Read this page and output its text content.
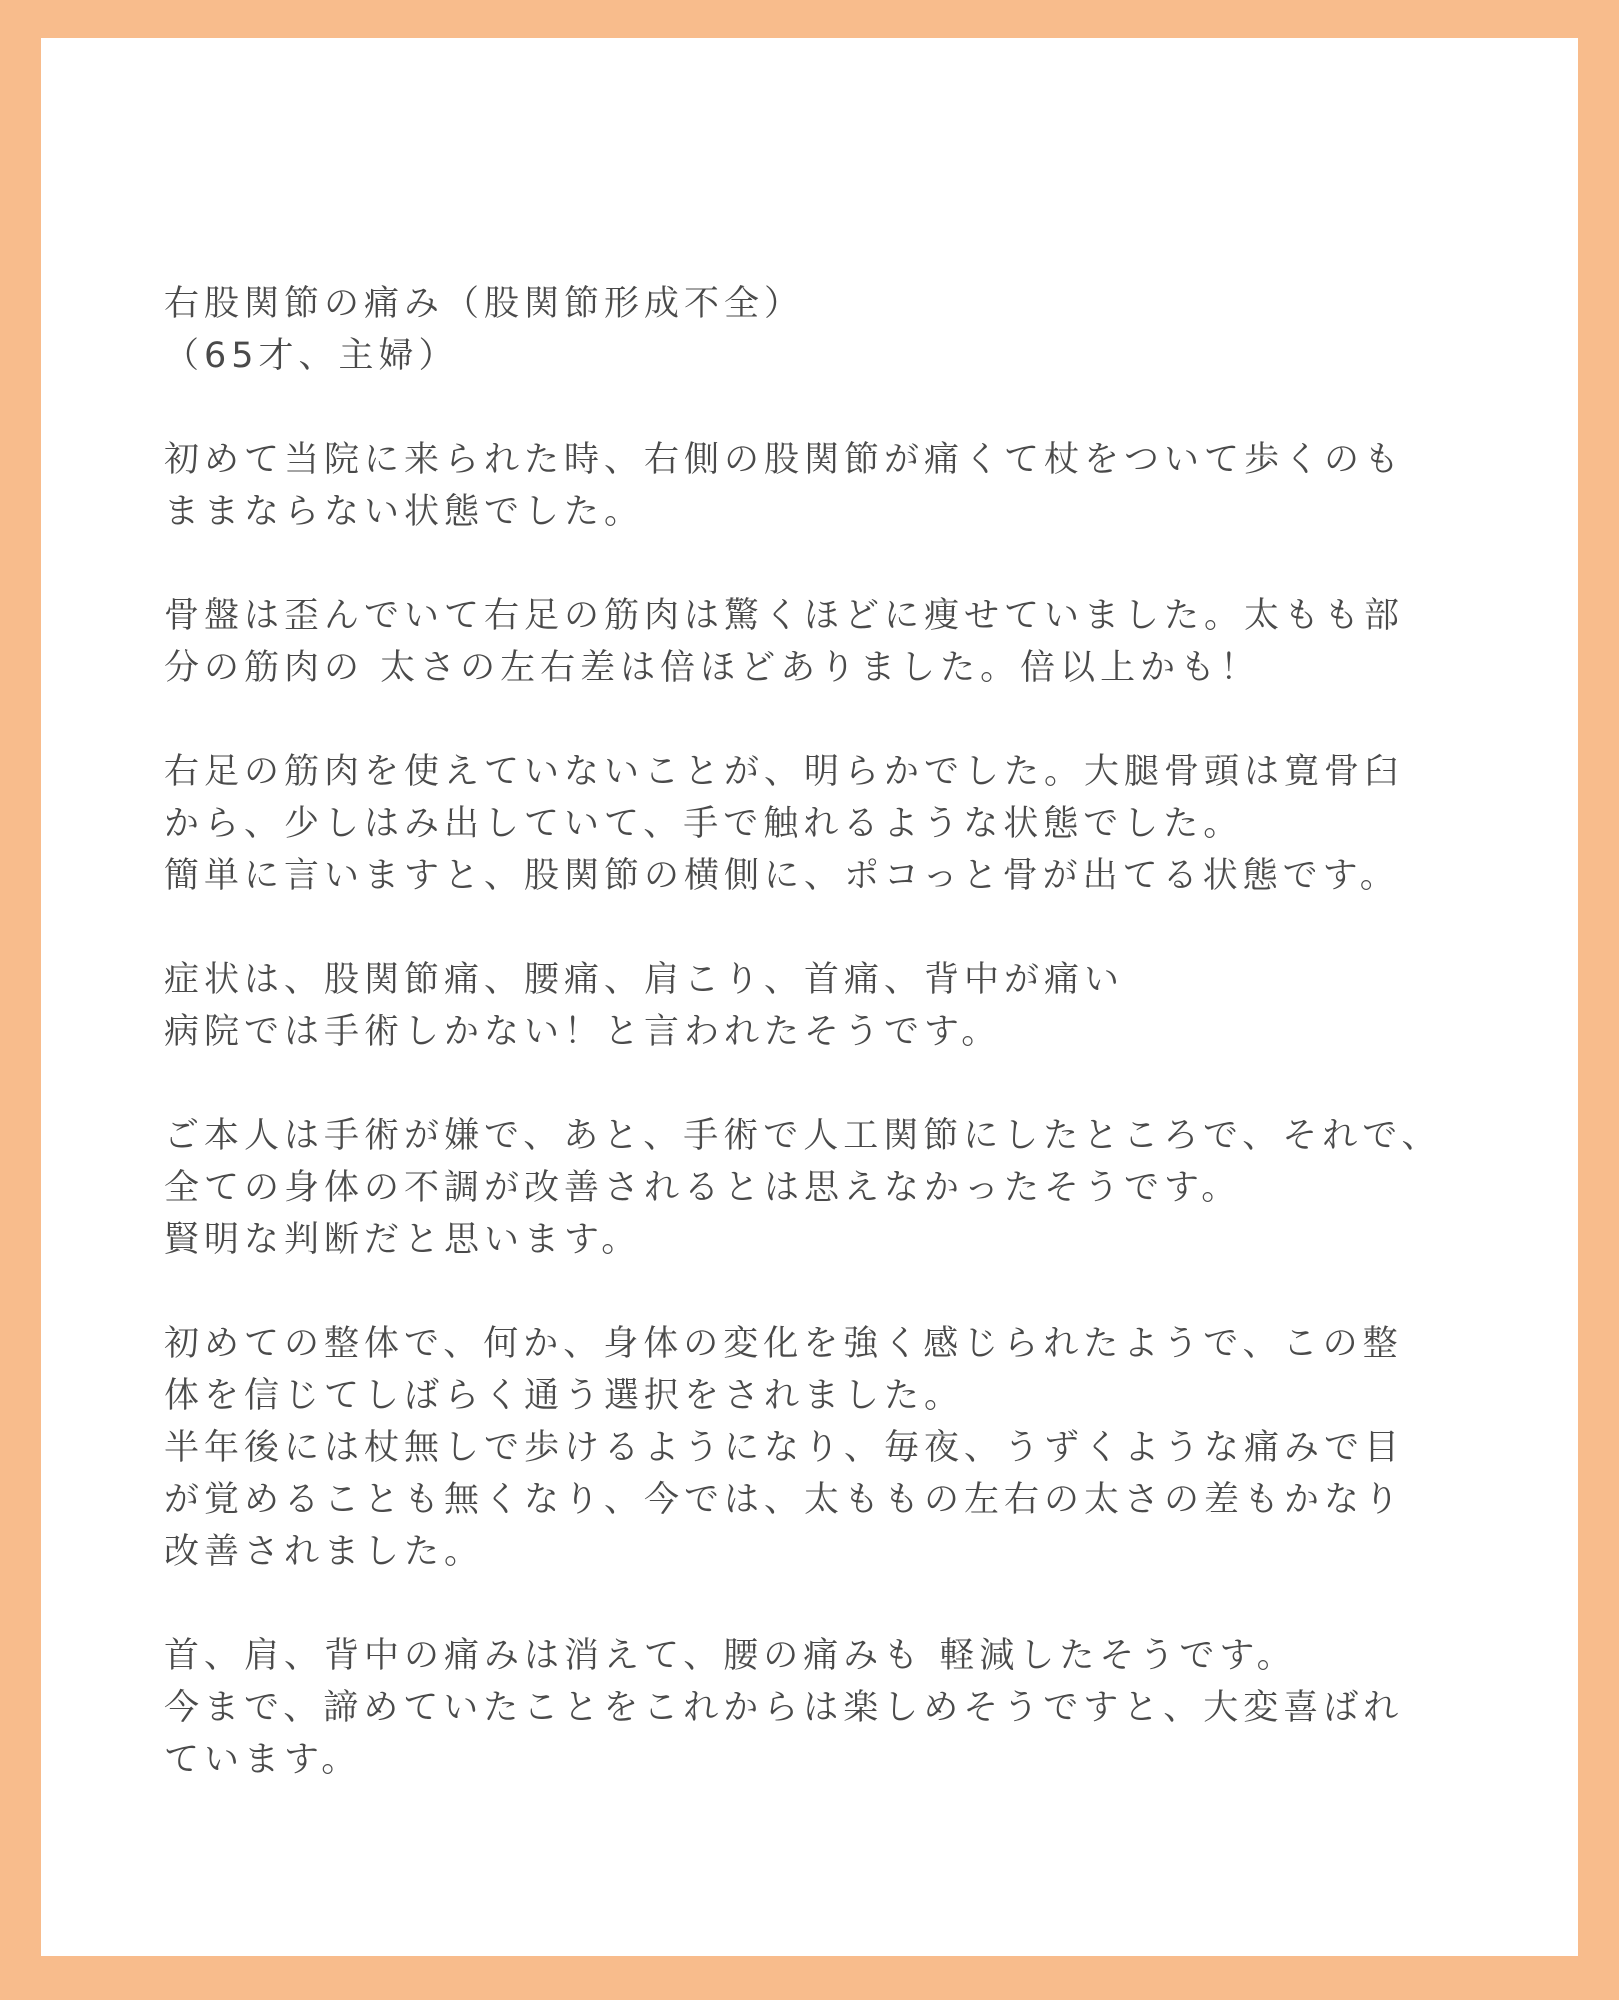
右股関節の痛み（股関節形成不全）
（65才、主婦）
初めて当院に来られた時、右側の股関節が痛くて杖をついて歩くのも
ままならない状態でした。
骨盤は歪んでいて右足の筋肉は驚くほどに痩せていました。太もも部
分の筋肉の 太さの左右差は倍ほどありました。倍以上かも！
右足の筋肉を使えていないことが、明らかでした。大腿骨頭は寛骨臼
から、少しはみ出していて、手で触れるような状態でした。
簡単に言いますと、股関節の横側に、ポコっと骨が出てる状態です。
症状は、股関節痛、腰痛、肩こり、首痛、背中が痛い
病院では手術しかない！と言われたそうです。
ご本人は手術が嫌で、あと、手術で人工関節にしたところで、それで、
全ての身体の不調が改善されるとは思えなかったそうです。
賢明な判断だと思います。
初めての整体で、何か、身体の変化を強く感じられたようで、この整
体を信じてしばらく通う選択をされました。
半年後には杖無しで歩けるようになり、毎夜、うずくような痛みで目
が覚めることも無くなり、今では、太ももの左右の太さの差もかなり
改善されました。
首、肩、背中の痛みは消えて、腰の痛みも 軽減したそうです。
今まで、諦めていたことをこれからは楽しめそうですと、大変喜ばれ
ています。
